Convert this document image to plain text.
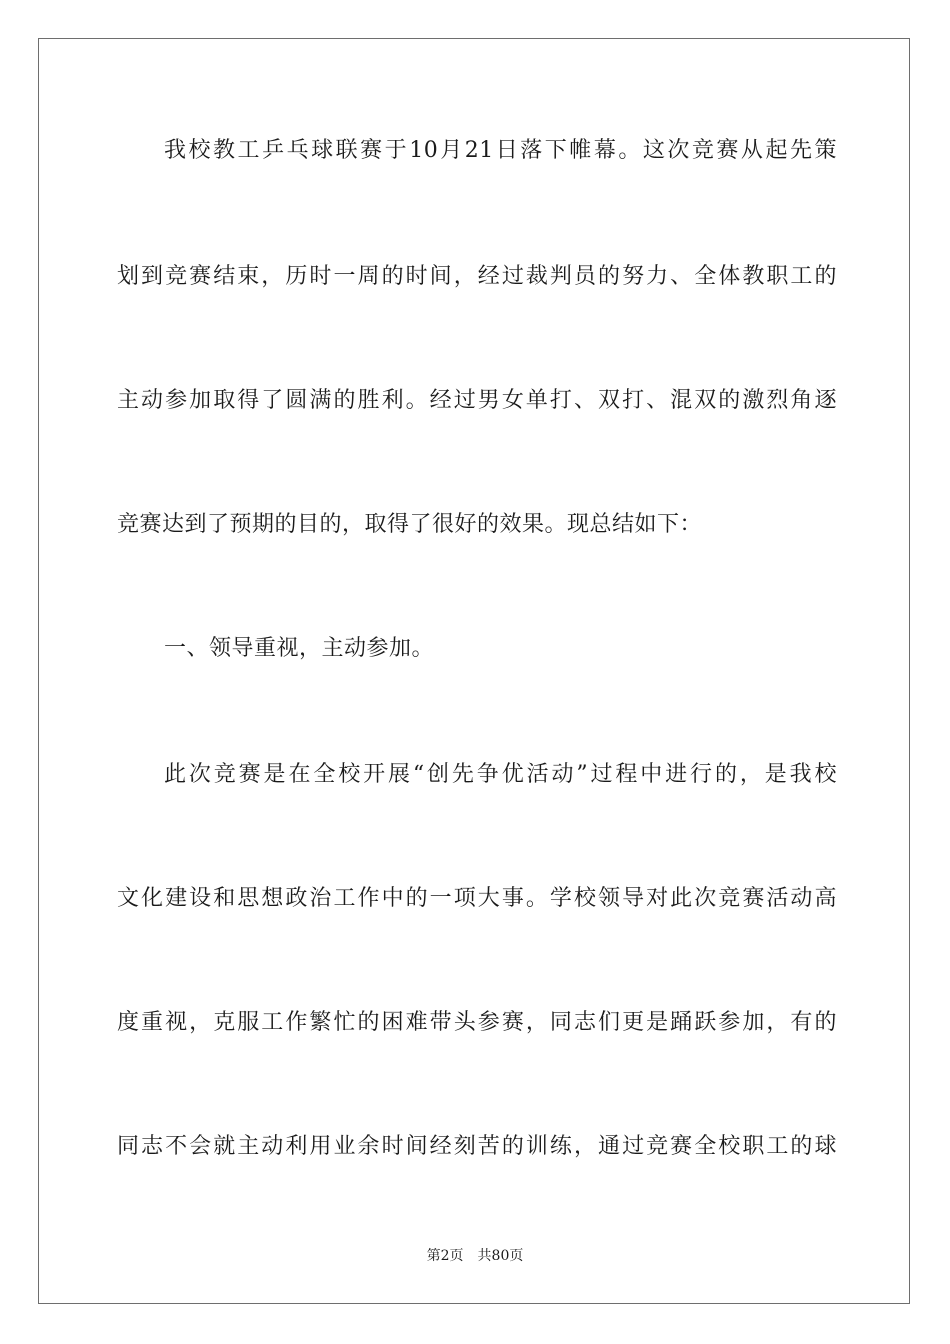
我校教工乒乓球联赛于10月21日落下帷幕。这次竞赛从起先策
划到竞赛结束，历时一周的时间，经过裁判员的努力、全体教职工的
主动参加取得了圆满的胜利。经过男女单打、双打、混双的激烈角逐
竞赛达到了预期的目的，取得了很好的效果。现总结如下：
一、领导重视，主动参加。
此次竞赛是在全校开展“创先争优活动”过程中进行的，是我校
文化建设和思想政治工作中的一项大事。学校领导对此次竞赛活动高
度重视，克服工作繁忙的困难带头参赛，同志们更是踊跃参加，有的
同志不会就主动利用业余时间经刻苦的训练，通过竞赛全校职工的球
第2页 共80页
